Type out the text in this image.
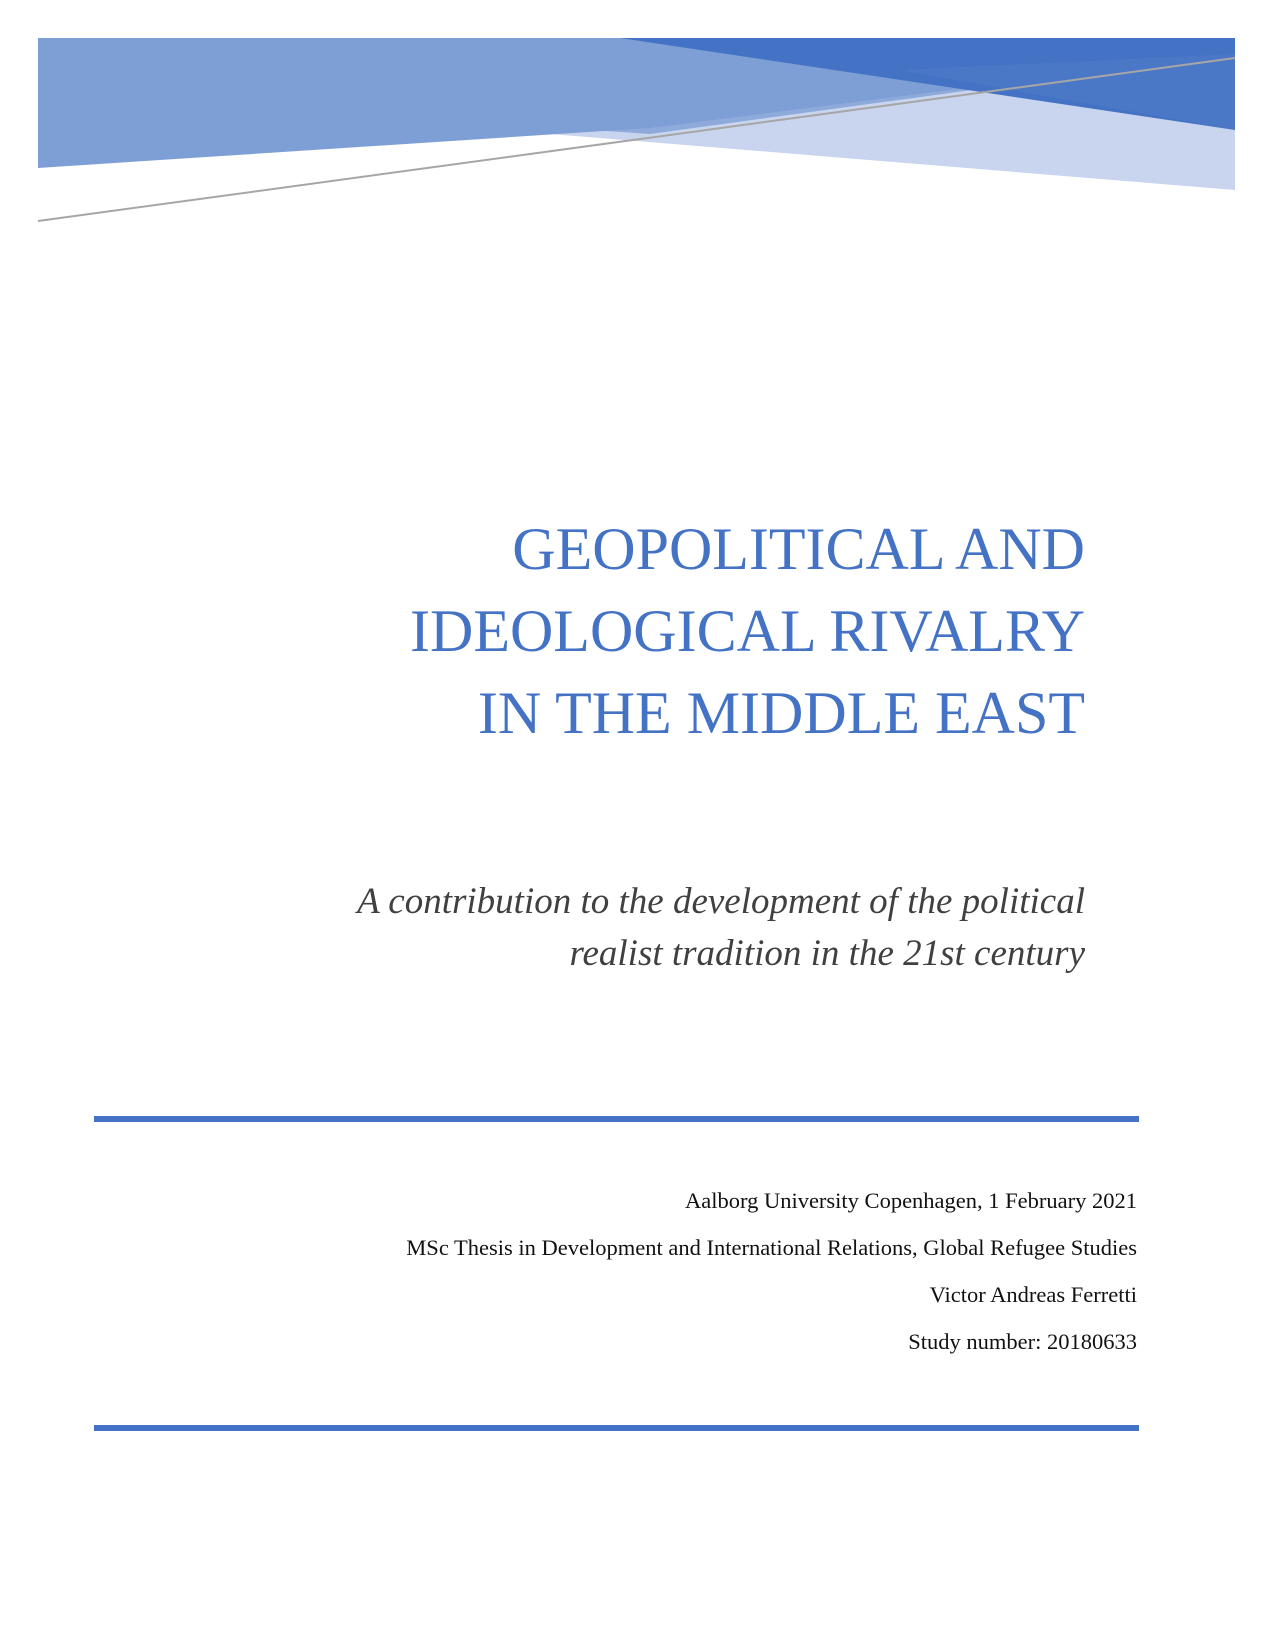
GEOPOLITICAL AND
IDEOLOGICAL RIVALRY
IN THE MIDDLE EAST

A contribution to the development of the political
realist tradition in the 21st century

Aalborg University Copenhagen, 1 February 2021
MSc Thesis in Development and International Relations, Global Refugee Studies
Victor Andreas Ferretti
Study number: 20180633
